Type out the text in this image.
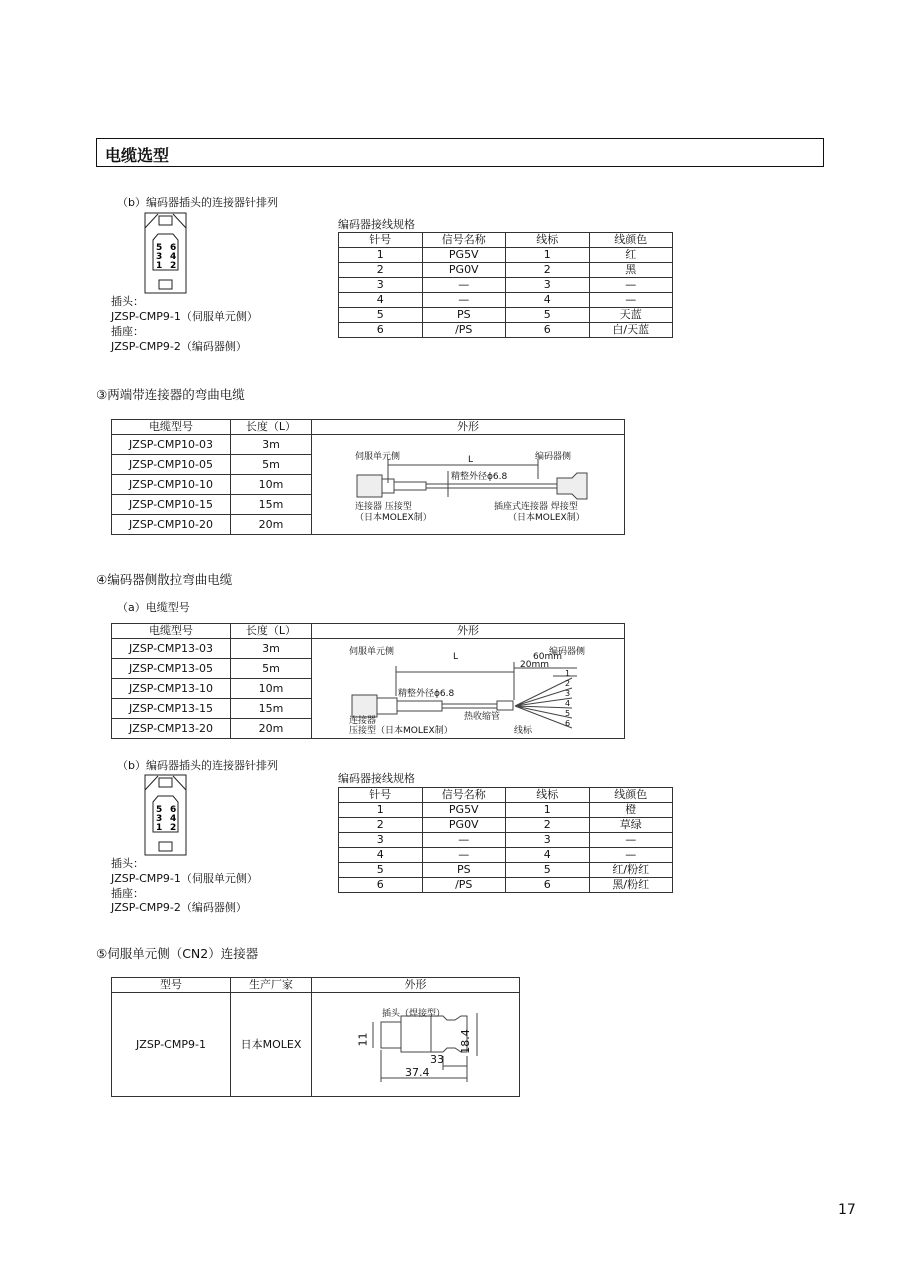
电缆选型
（b）编码器插头的连接器针排列
5 6
3 4
1 2
插头：
JZSP-CMP9-1（伺服单元侧）
插座：
JZSP-CMP9-2（编码器侧）
编码器接线规格
针号	信号名称	线标	线颜色
1	PG5V	1	红
2	PG0V	2	黑
3	—	3	—
4	—	4	—
5	PS	5	天蓝
6	/PS	6	白/天蓝
③两端带连接器的弯曲电缆
电缆型号	长度（L）	外形
JZSP-CMP10-03	3m	
JZSP-CMP10-05	5m	
JZSP-CMP10-10	10m	
JZSP-CMP10-15	15m	
JZSP-CMP10-20	20m	
伺服单元侧	编码器侧
L
精整外径ϕ6.8
连接器 压接型
（日本MOLEX制）
插座式连接器 焊接型
（日本MOLEX制）
④编码器侧散拉弯曲电缆
（a）电缆型号
电缆型号	长度（L）	外形
JZSP-CMP13-03	3m	
JZSP-CMP13-05	5m	
JZSP-CMP13-10	10m	
JZSP-CMP13-15	15m	
JZSP-CMP13-20	20m	
伺服单元侧	编码器侧
L	60mm
20mm
精整外径ϕ6.8
连接器
压接型（日本MOLEX制）
热收缩管
线标
1
2
3
4
5
6
（b）编码器插头的连接器针排列
5 6
3 4
1 2
插头：
JZSP-CMP9-1（伺服单元侧）
插座：
JZSP-CMP9-2（编码器侧）
编码器接线规格
针号	信号名称	线标	线颜色
1	PG5V	1	橙
2	PG0V	2	草绿
3	—	3	—
4	—	4	—
5	PS	5	红/粉红
6	/PS	6	黑/粉红
⑤伺服单元侧（CN2）连接器
型号	生产厂家	外形
JZSP-CMP9-1	日本MOLEX	
插头（焊接型）
11	18.4
33
37.4
17
